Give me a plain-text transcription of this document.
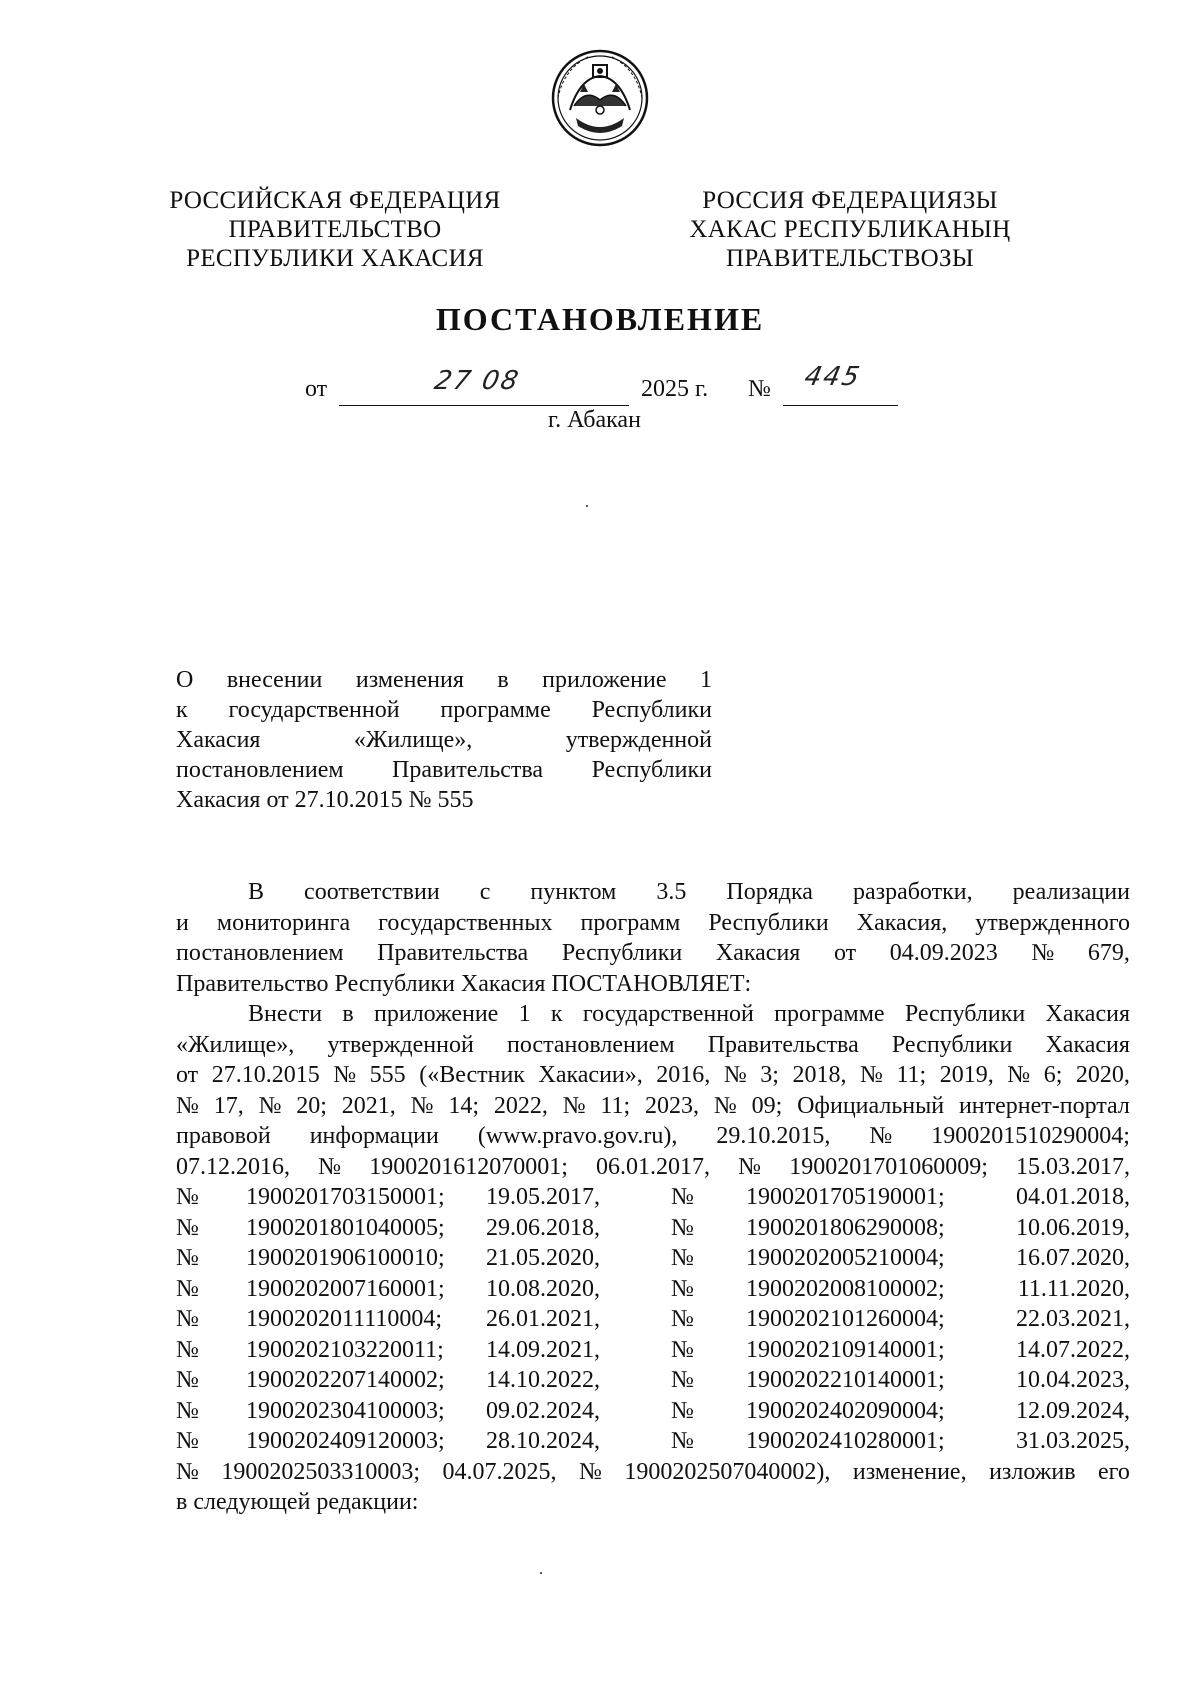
РОССИЙСКАЯ ФЕДЕРАЦИЯ
ПРАВИТЕЛЬСТВО
РЕСПУБЛИКИ ХАКАСИЯ
РОССИЯ ФЕДЕРАЦИЯЗЫ
ХАКАС РЕСПУБЛИКАНЫҢ
ПРАВИТЕЛЬСТВОЗЫ
ПОСТАНОВЛЕНИЕ
от	27 08	2025 г. № 445
г. Абакан
О внесении изменения в приложение 1
к государственной программе Республики
Хакасия	«Жилище»,	утвержденной
постановлением Правительства Республики
Хакасия от 27.10.2015 № 555
В соответствии с пунктом 3.5 Порядка разработки, реализации
и мониторинга государственных программ Республики Хакасия, утвержденного
постановлением Правительства Республики Хакасия от 04.09.2023 № 679,
Правительство Республики Хакасия ПОСТАНОВЛЯЕТ:
Внести в приложение 1 к государственной программе Республики Хакасия
«Жилище», утвержденной постановлением Правительства Республики Хакасия
от 27.10.2015 № 555 («Вестник Хакасии», 2016, № 3; 2018, № 11; 2019, № 6; 2020,
№ 17, № 20; 2021, № 14; 2022, № 11; 2023, № 09; Официальный интернет-портал
правовой информации (www.pravo.gov.ru), 29.10.2015, № 1900201510290004;
07.12.2016, № 1900201612070001; 06.01.2017, № 1900201701060009; 15.03.2017,
№	1900201703150001;	19.05.2017,	№	1900201705190001;	04.01.2018,
№	1900201801040005;	29.06.2018,	№	1900201806290008;	10.06.2019,
№	1900201906100010;	21.05.2020,	№	1900202005210004;	16.07.2020,
№	1900202007160001;	10.08.2020,	№	1900202008100002;	11.11.2020,
№	1900202011110004;	26.01.2021,	№	1900202101260004;	22.03.2021,
№	1900202103220011;	14.09.2021,	№	1900202109140001;	14.07.2022,
№	1900202207140002;	14.10.2022,	№	1900202210140001;	10.04.2023,
№	1900202304100003;	09.02.2024,	№	1900202402090004;	12.09.2024,
№	1900202409120003;	28.10.2024,	№	1900202410280001;	31.03.2025,
№ 1900202503310003; 04.07.2025, № 1900202507040002), изменение, изложив его
в следующей редакции:
